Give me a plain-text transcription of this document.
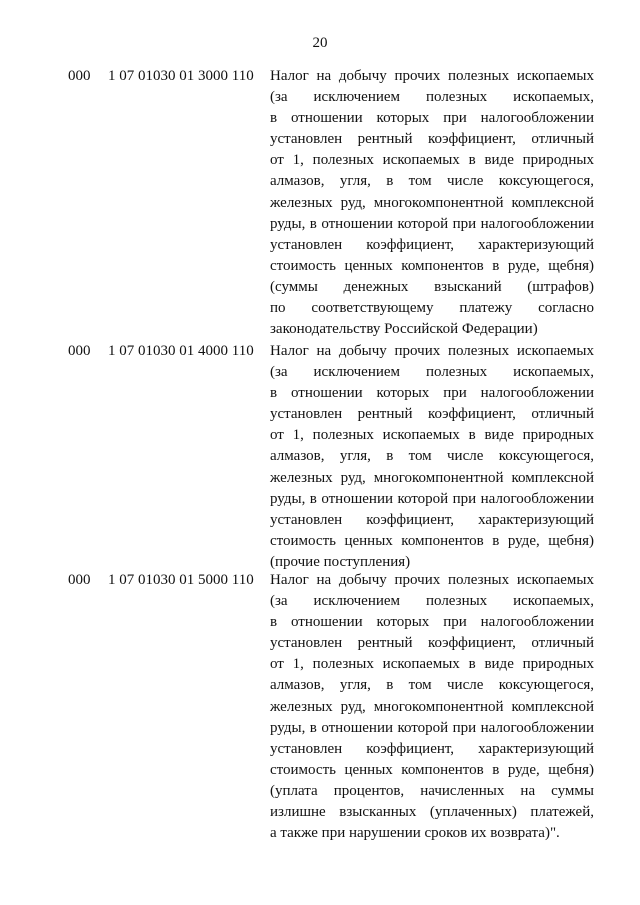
20
000 1 07 01030 01 3000 110 Налог на добычу прочих полезных ископаемых
(за исключением полезных ископаемых,
в отношении которых при налогообложении
установлен рентный коэффициент, отличный
от 1, полезных ископаемых в виде природных
алмазов, угля, в том числе коксующегося,
железных руд, многокомпонентной комплексной
руды, в отношении которой при налогообложении
установлен коэффициент, характеризующий
стоимость ценных компонентов в руде, щебня)
(суммы денежных взысканий (штрафов)
по соответствующему платежу согласно
законодательству Российской Федерации)
000 1 07 01030 01 4000 110 Налог на добычу прочих полезных ископаемых
(за исключением полезных ископаемых,
в отношении которых при налогообложении
установлен рентный коэффициент, отличный
от 1, полезных ископаемых в виде природных
алмазов, угля, в том числе коксующегося,
железных руд, многокомпонентной комплексной
руды, в отношении которой при налогообложении
установлен коэффициент, характеризующий
стоимость ценных компонентов в руде, щебня)
(прочие поступления)
000 1 07 01030 01 5000 110 Налог на добычу прочих полезных ископаемых
(за исключением полезных ископаемых,
в отношении которых при налогообложении
установлен рентный коэффициент, отличный
от 1, полезных ископаемых в виде природных
алмазов, угля, в том числе коксующегося,
железных руд, многокомпонентной комплексной
руды, в отношении которой при налогообложении
установлен коэффициент, характеризующий
стоимость ценных компонентов в руде, щебня)
(уплата процентов, начисленных на суммы
излишне взысканных (уплаченных) платежей,
а также при нарушении сроков их возврата)".
